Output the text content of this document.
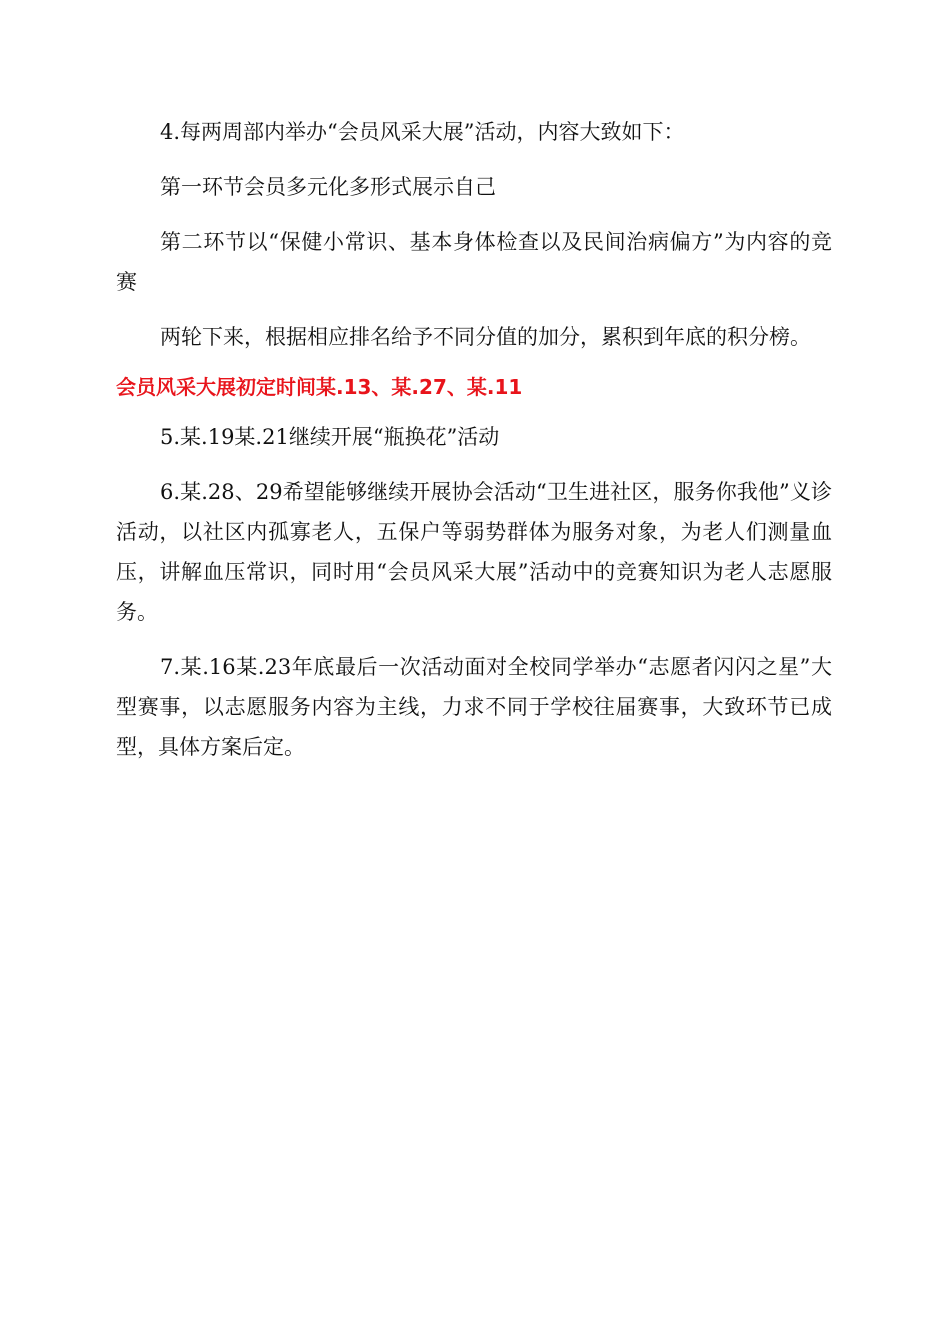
4.每两周部内举办“会员风采大展”活动，内容大致如下：

第一环节会员多元化多形式展示自己

第二环节以“保健小常识、基本身体检查以及民间治病偏方”为内容的竞赛

两轮下来，根据相应排名给予不同分值的加分，累积到年底的积分榜。

会员风采大展初定时间某.13、某.27、某.11

5.某.19某.21继续开展“瓶换花”活动

6.某.28、29希望能够继续开展协会活动“卫生进社区，服务你我他”义诊活动，以社区内孤寡老人，五保户等弱势群体为服务对象，为老人们测量血压，讲解血压常识，同时用“会员风采大展”活动中的竞赛知识为老人志愿服务。

7.某.16某.23年底最后一次活动面对全校同学举办“志愿者闪闪之星”大型赛事，以志愿服务内容为主线，力求不同于学校往届赛事，大致环节已成型，具体方案后定。
